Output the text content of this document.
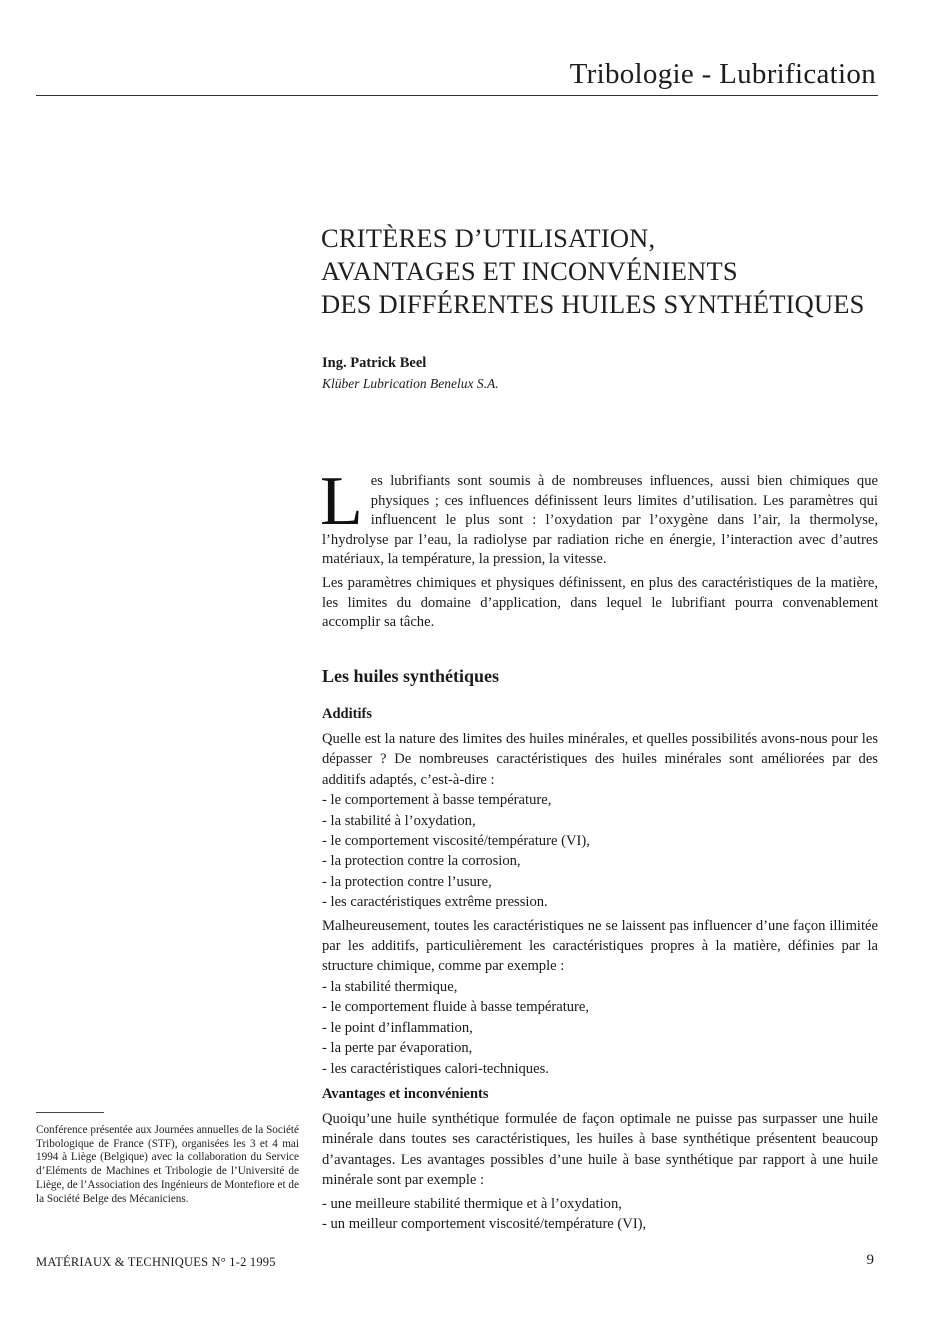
Tribologie - Lubrification
CRITÈRES D’UTILISATION,
AVANTAGES ET INCONVÉNIENTS
DES DIFFÉRENTES HUILES SYNTHÉTIQUES
Ing. Patrick Beel
Klüber Lubrication Benelux S.A.

Les lubrifiants sont soumis à de nombreuses influences, aussi bien chimiques que physiques ; ces influences définissent leurs limites d’utilisation. Les paramètres qui influencent le plus sont : l’oxydation par l’oxygène dans l’air, la thermolyse, l’hydrolyse par l’eau, la radiolyse par radiation riche en énergie, l’interaction avec d’autres matériaux, la température, la pression, la vitesse.

Les paramètres chimiques et physiques définissent, en plus des caractéristiques de la matière, les limites du domaine d’application, dans lequel le lubrifiant pourra convenablement accomplir sa tâche.

Les huiles synthétiques
Additifs

Quelle est la nature des limites des huiles minérales, et quelles possibilités avons-nous pour les dépasser ? De nombreuses caractéristiques des huiles minérales sont améliorées par des additifs adaptés, c’est-à-dire :

- le comportement à basse température,
- la stabilité à l’oxydation,
- le comportement viscosité/température (VI),
- la protection contre la corrosion,
- la protection contre l’usure,
- les caractéristiques extrême pression.

Malheureusement, toutes les caractéristiques ne se laissent pas influencer d’une façon illimitée par les additifs, particulièrement les caractéristiques propres à la matière, définies par la structure chimique, comme par exemple :

- la stabilité thermique,
- le comportement fluide à basse température,
- le point d’inflammation,
- la perte par évaporation,
- les caractéristiques calori-techniques.
Avantages et inconvénients

Quoiqu’une huile synthétique formulée de façon optimale ne puisse pas surpasser une huile minérale dans toutes ses caractéristiques, les huiles à base synthétique présentent beaucoup d’avantages. Les avantages possibles d’une huile à base synthétique par rapport à une huile minérale sont par exemple :

- une meilleure stabilité thermique et à l’oxydation,
- un meilleur comportement viscosité/température (VI),
Conférence présentée aux Journées annuelles de la Société Tribologique de France (STF), organisées les 3 et 4 mai 1994 à Liège (Belgique) avec la collaboration du Service d’Eléments de Machines et Tribologie de l’Université de Liège, de l’Association des Ingénieurs de Montefiore et de la Société Belge des Mécaniciens.
MATÉRIAUX & TECHNIQUES N° 1-2 1995	9
